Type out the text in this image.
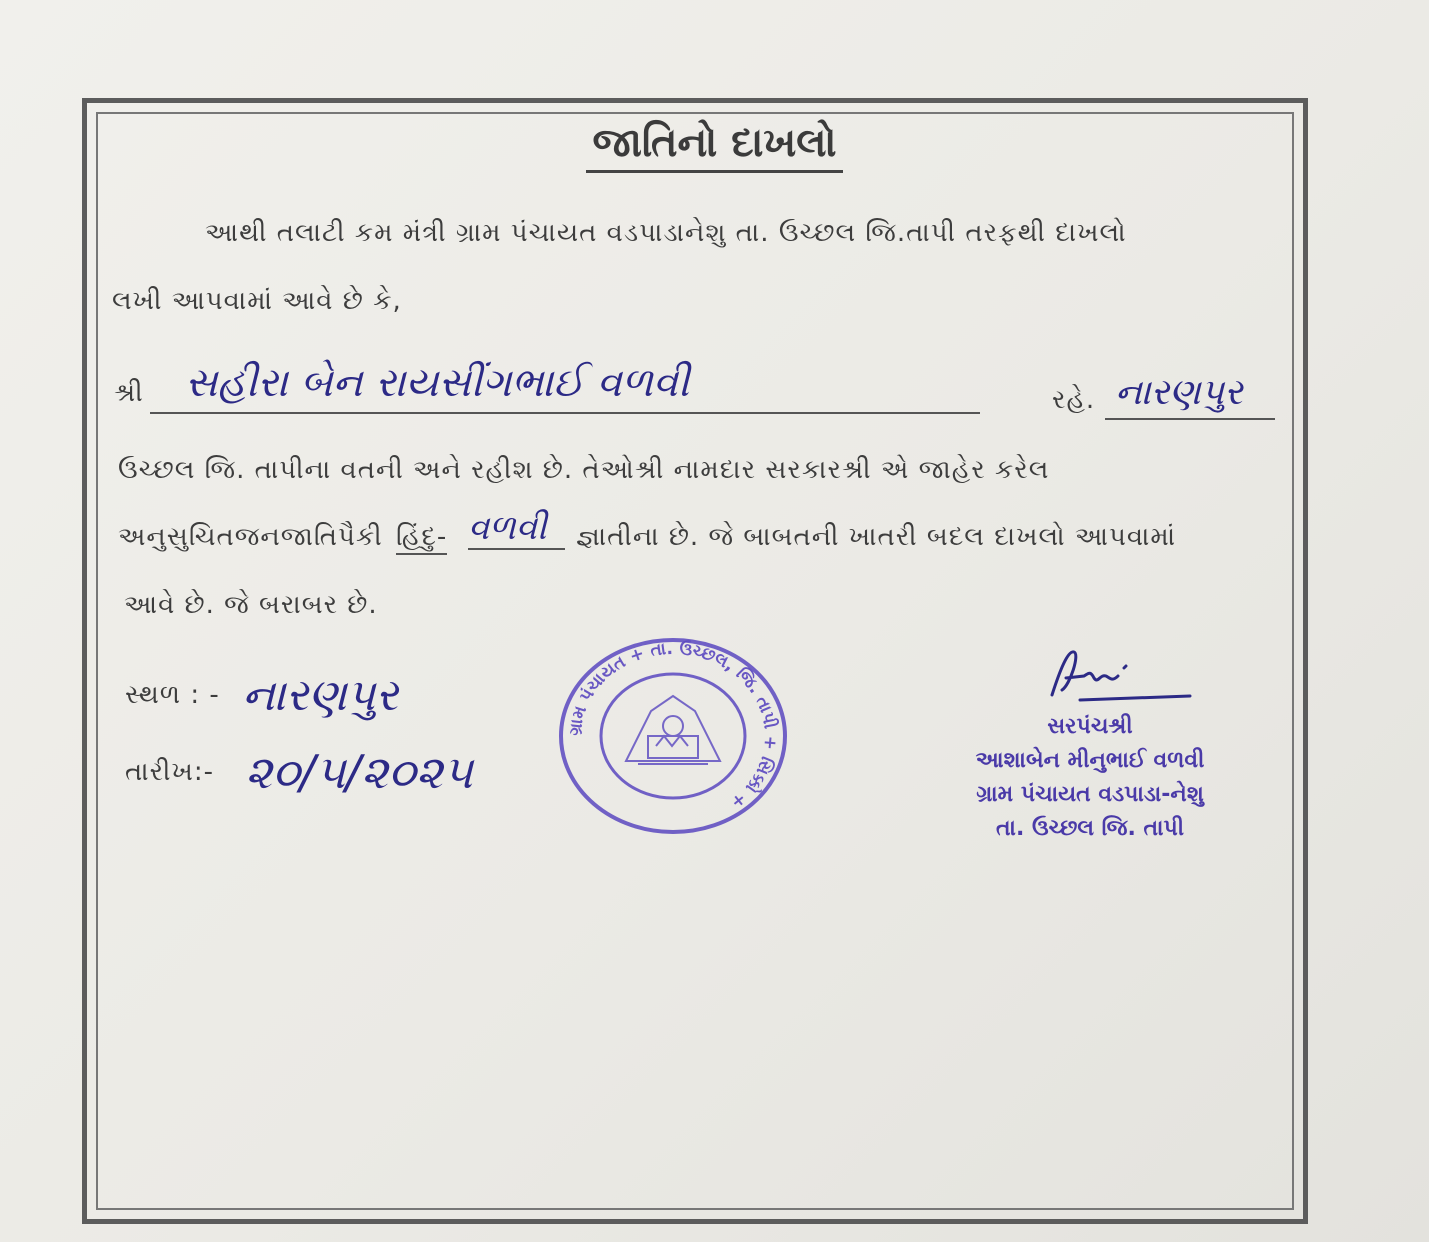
જાતિનો દાખલો
આથી તલાટી કમ મંત્રી ગ્રામ પંચાયત વડપાડાનેશુ તા. ઉચ્છલ જિ.તાપી તરફથી દાખલો
લખી આપવામાં આવે છે કે,
શ્રી સહીરા બેન રાયસીંગભાઈ વળવી	રહે. નારણપુર
ઉચ્છલ જિ. તાપીના વતની અને રહીશ છે. તેઓશ્રી નામદાર સરકારશ્રી એ જાહેર કરેલ
અનુસુચિતજનજાતિપૈકી હિંદુ- વળવી	જ્ઞાતીના છે. જે બાબતની ખાતરી બદલ દાખલો આપવામાં
આવે છે. જે બરાબર છે.
સ્થળ : - નારણપુર
તારીખ:- ૨૦/૫/૨૦૨૫
ગ્રામ પંચાયત + તા. ઉચ્છલ, જિ. તાપી + સિક્કો +
સરપંચશ્રી
આશાબેન મીનુભાઈ વળવી
ગ્રામ પંચાયત વડપાડા-નેશુ
તા. ઉચ્છલ જિ. તાપી
